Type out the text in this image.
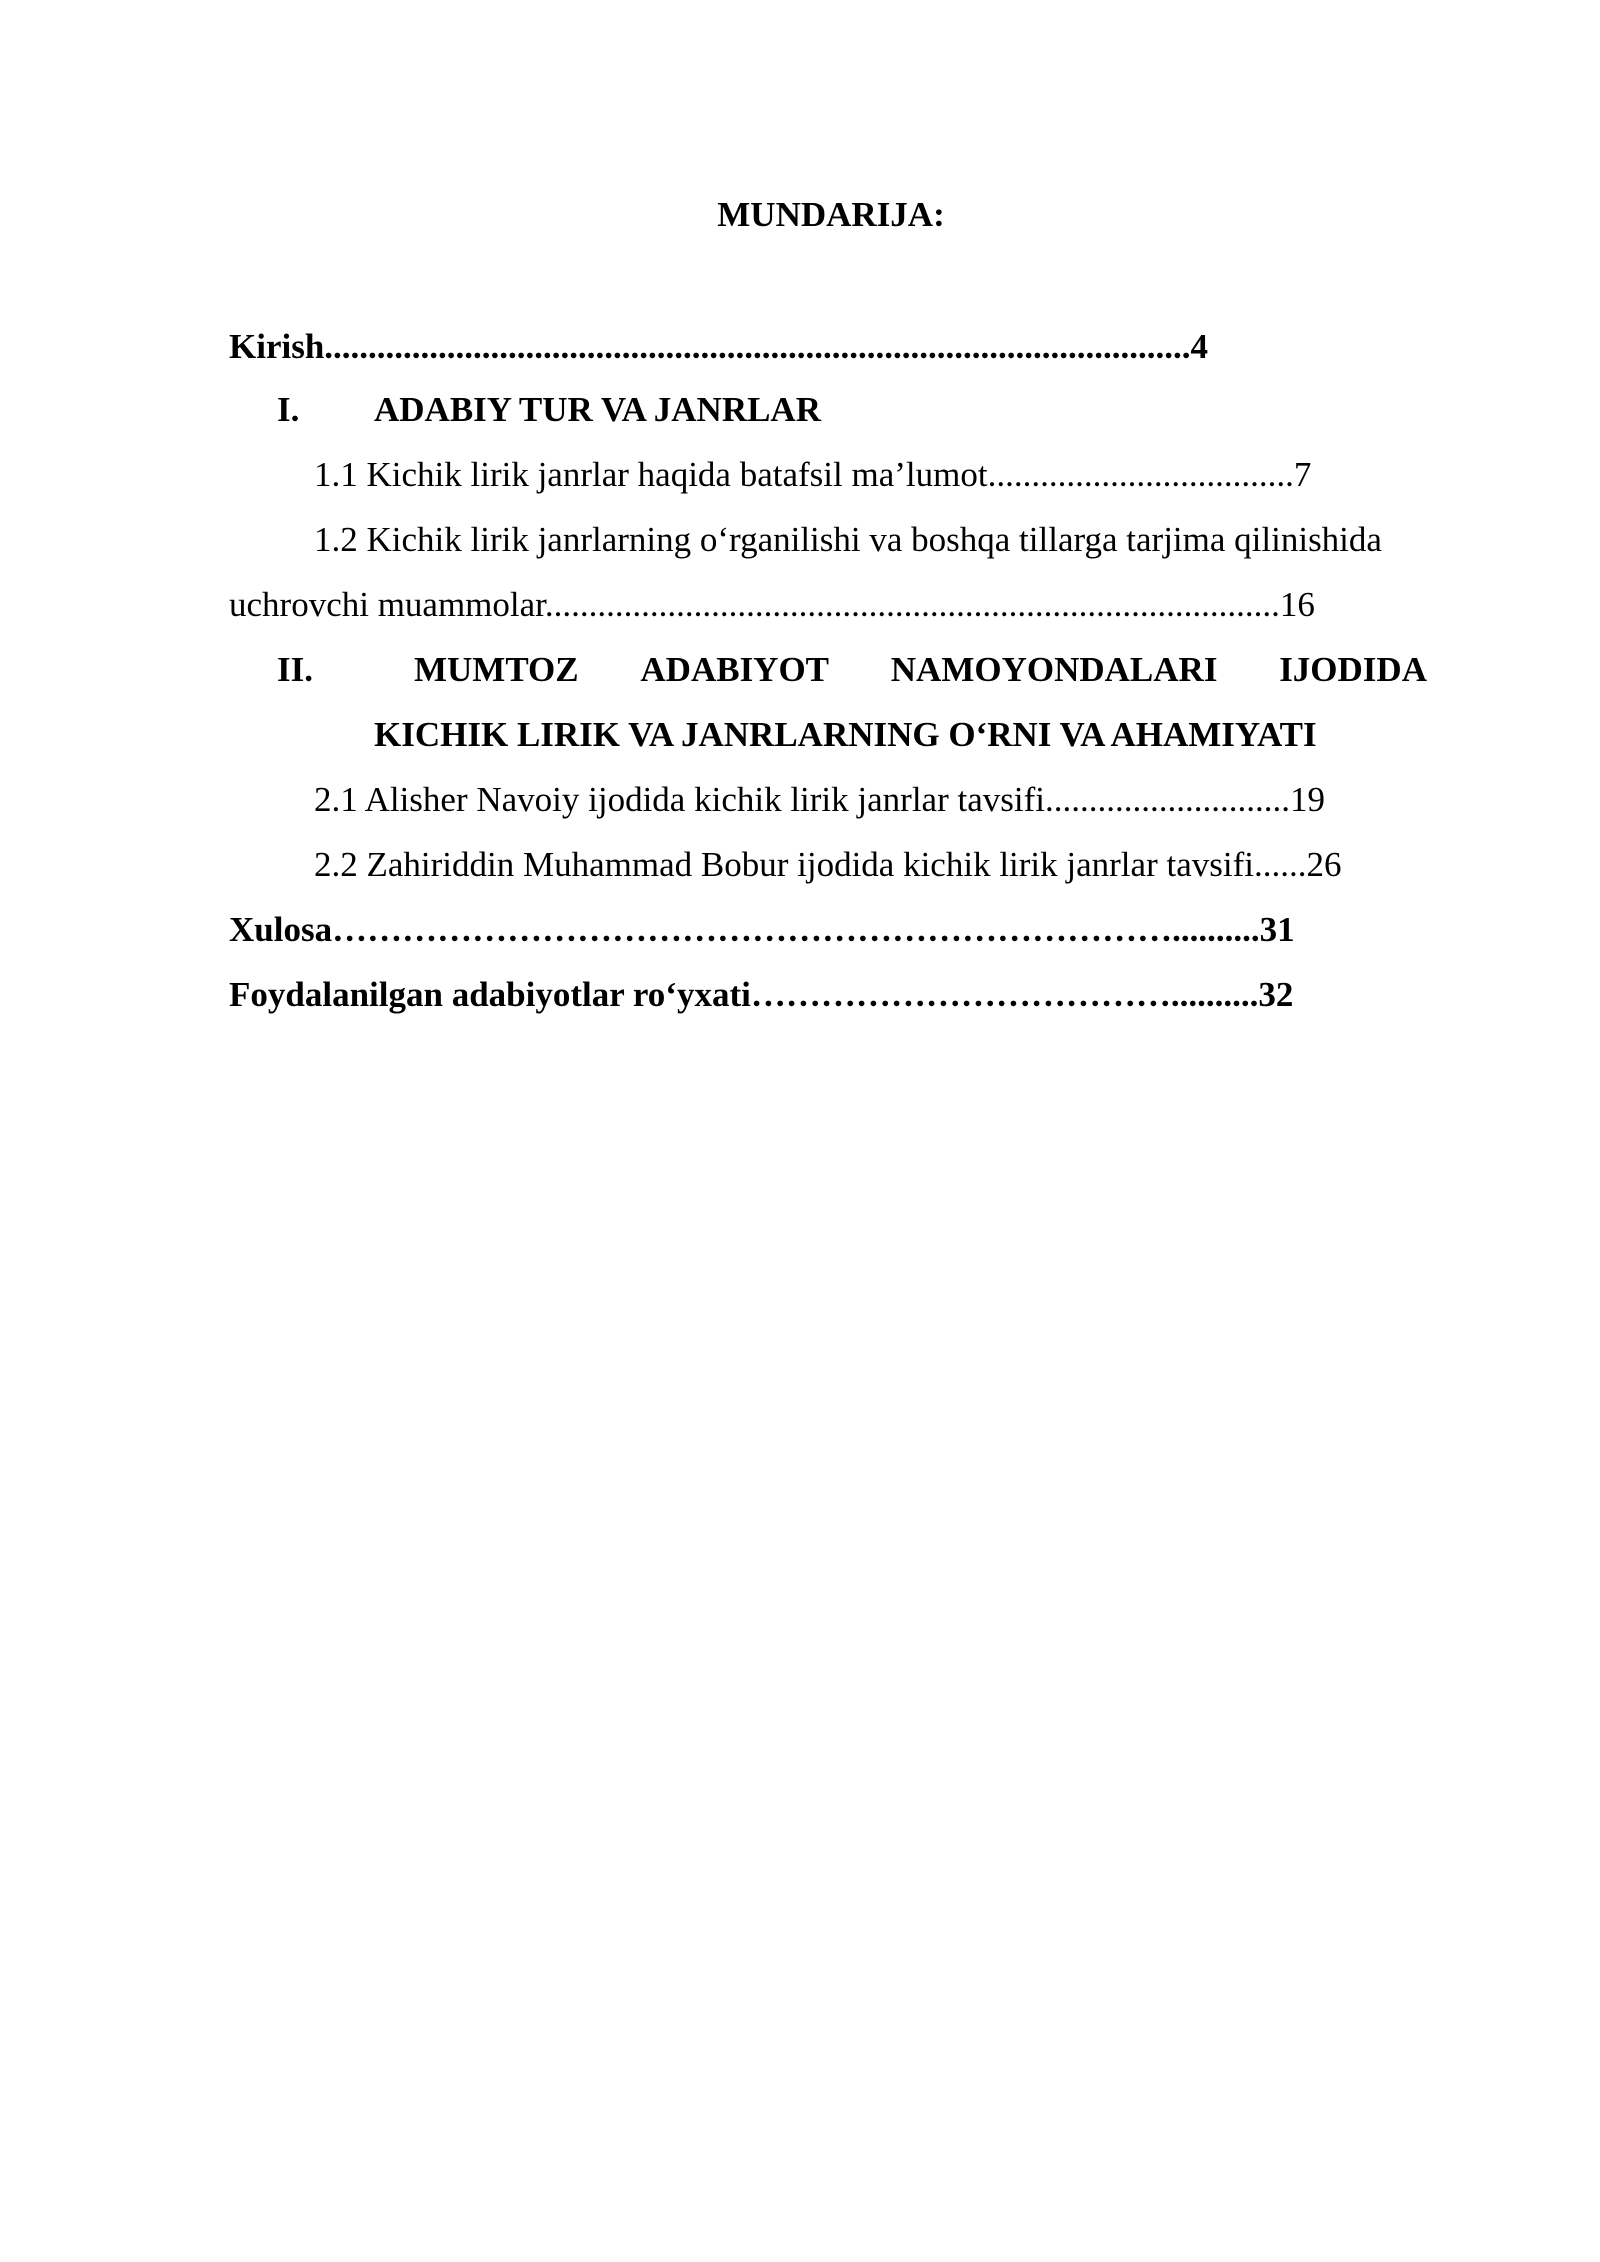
MUNDARIJA:
Kirish...................................................................................................4
I. ADABIY TUR VA JANRLAR
1.1 Kichik lirik janrlar haqida batafsil ma’lumot...................................7
1.2 Kichik lirik janrlarning o‘rganilishi va boshqa tillarga tarjima qilinishida
uchrovchi muammolar....................................................................................16
II.	MUMTOZ ADABIYOT NAMOYONDALARI IJODIDA
KICHIK LIRIK VA JANRLARNING O‘RNI VA AHAMIYATI
2.1 Alisher Navoiy ijodida kichik lirik janrlar tavsifi............................19
2.2 Zahiriddin Muhammad Bobur ijodida kichik lirik janrlar tavsifi......26
Xulosa………………………………………………………………..........31
Foydalanilgan adabiyotlar ro‘yxati………………………………..........32
